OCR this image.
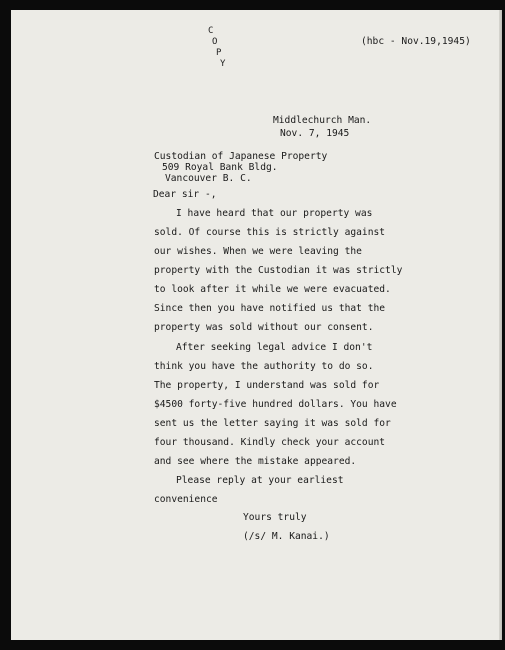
C
O
P
Y

(hbc - Nov.19,1945)

Middlechurch Man.

Nov. 7, 1945

Custodian of Japanese Property

509 Royal Bank Bldg.

Vancouver B. C.

Dear sir -,

I have heard that our property was

sold. Of course this is strictly against

our wishes. When we were leaving the

property with the Custodian it was strictly

to look after it while we were evacuated.

Since then you have notified us that the

property was sold without our consent.

After seeking legal advice I don't

think you have the authority to do so.

The property, I understand was sold for

$4500 forty-five hundred dollars. You have

sent us the letter saying it was sold for

four thousand. Kindly check your account

and see where the mistake appeared.

Please reply at your earliest

convenience

Yours truly

(/s/ M. Kanai.)
